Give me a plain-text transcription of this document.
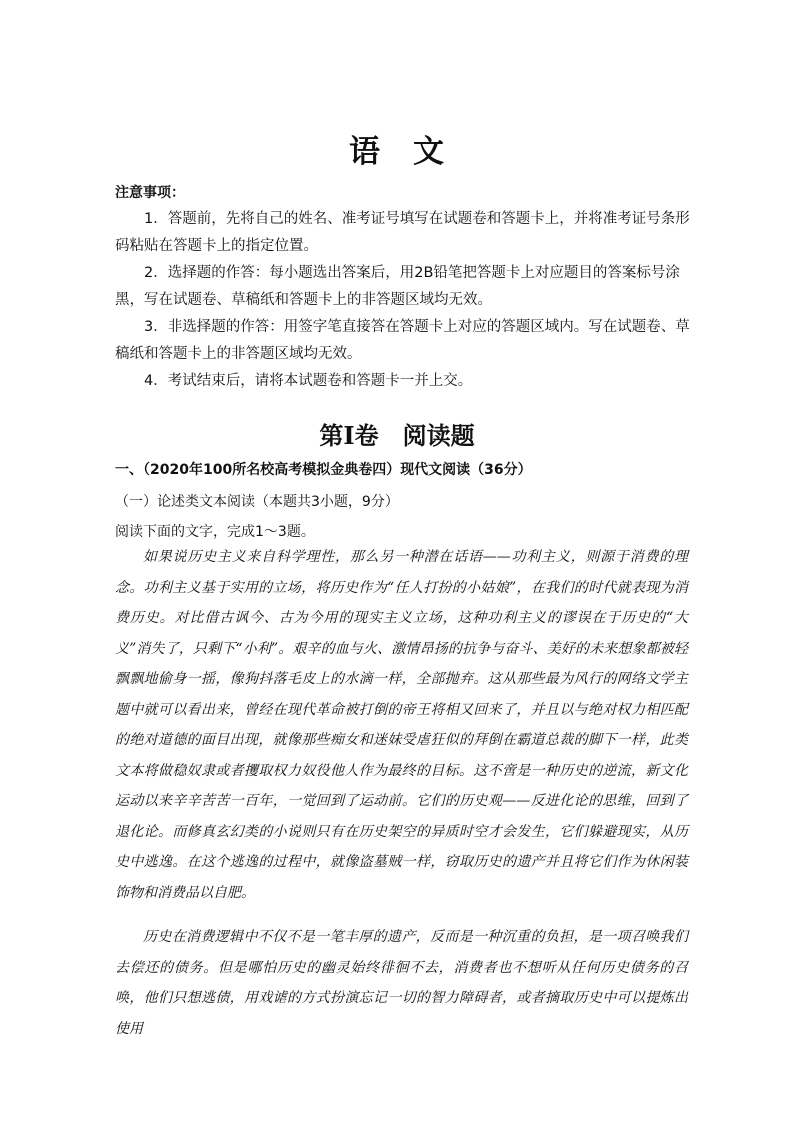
语　文
注意事项：

1．答题前，先将自己的姓名、准考证号填写在试题卷和答题卡上，并将准考证号条形码粘贴在答题卡上的指定位置。

2．选择题的作答：每小题选出答案后，用2B铅笔把答题卡上对应题目的答案标号涂黑，写在试题卷、草稿纸和答题卡上的非答题区域均无效。

3．非选择题的作答：用签字笔直接答在答题卡上对应的答题区域内。写在试题卷、草稿纸和答题卡上的非答题区域均无效。

4．考试结束后，请将本试题卷和答题卡一并上交。

第Ⅰ卷　阅读题
一、（2020年100所名校高考模拟金典卷四）现代文阅读（36分）
（一）论述类文本阅读（本题共3小题，9分）
阅读下面的文字，完成1～3题。

如果说历史主义来自科学理性，那么另一种潜在话语——功利主义，则源于消费的理念。功利主义基于实用的立场，将历史作为“任人打扮的小姑娘”，在我们的时代就表现为消费历史。对比借古讽今、古为今用的现实主义立场，这种功利主义的谬误在于历史的“大义”消失了，只剩下“小利”。艰辛的血与火、激情昂扬的抗争与奋斗、美好的未来想象都被轻飘飘地偷身一摇，像狗抖落毛皮上的水滴一样，全部抛弃。这从那些最为风行的网络文学主题中就可以看出来，曾经在现代革命被打倒的帝王将相又回来了，并且以与绝对权力相匹配的绝对道德的面目出现，就像那些痴女和迷妹受虐狂似的拜倒在霸道总裁的脚下一样，此类文本将做稳奴隶或者攫取权力奴役他人作为最终的目标。这不啻是一种历史的逆流，新文化运动以来辛辛苦苦一百年，一觉回到了运动前。它们的历史观——反进化论的思维，回到了退化论。而修真玄幻类的小说则只有在历史架空的异质时空才会发生，它们躲避现实，从历史中逃逸。在这个逃逸的过程中，就像盗墓贼一样，窃取历史的遗产并且将它们作为休闲装饰物和消费品以自肥。

历史在消费逻辑中不仅不是一笔丰厚的遗产，反而是一种沉重的负担，是一项召唤我们去偿还的债务。但是哪怕历史的幽灵始终徘徊不去，消费者也不想听从任何历史债务的召唤，他们只想逃债，用戏谑的方式扮演忘记一切的智力障碍者，或者摘取历史中可以提炼出使用
